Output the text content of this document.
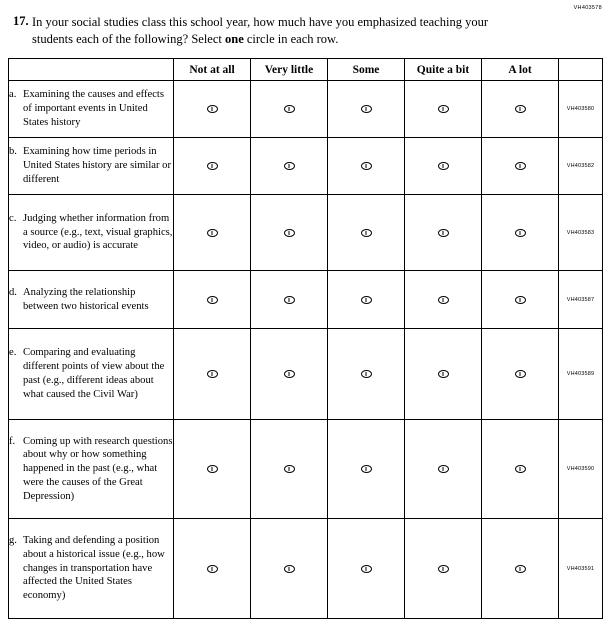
VH403578
17. In your social studies class this school year, how much have you emphasized teaching your students each of the following? Select one circle in each row.
	Not at all	Very little	Some	Quite a bit	A lot	

a. Examining the causes and effects of important events in United States history						VH403580

b. Examining how time periods in United States history are similar or different						VH403582

c. Judging whether information from a source (e.g., text, visual graphics, video, or audio) is accurate						VH403583

d. Analyzing the relationship between two historical events						VH403587

e. Comparing and evaluating different points of view about the past (e.g., different ideas about what caused the Civil War)						VH403589

f. Coming up with research questions about why or how something happened in the past (e.g., what were the causes of the Great Depression)						VH403590

g. Taking and defending a position about a historical issue (e.g., how changes in transportation have affected the United States economy)						VH403591
